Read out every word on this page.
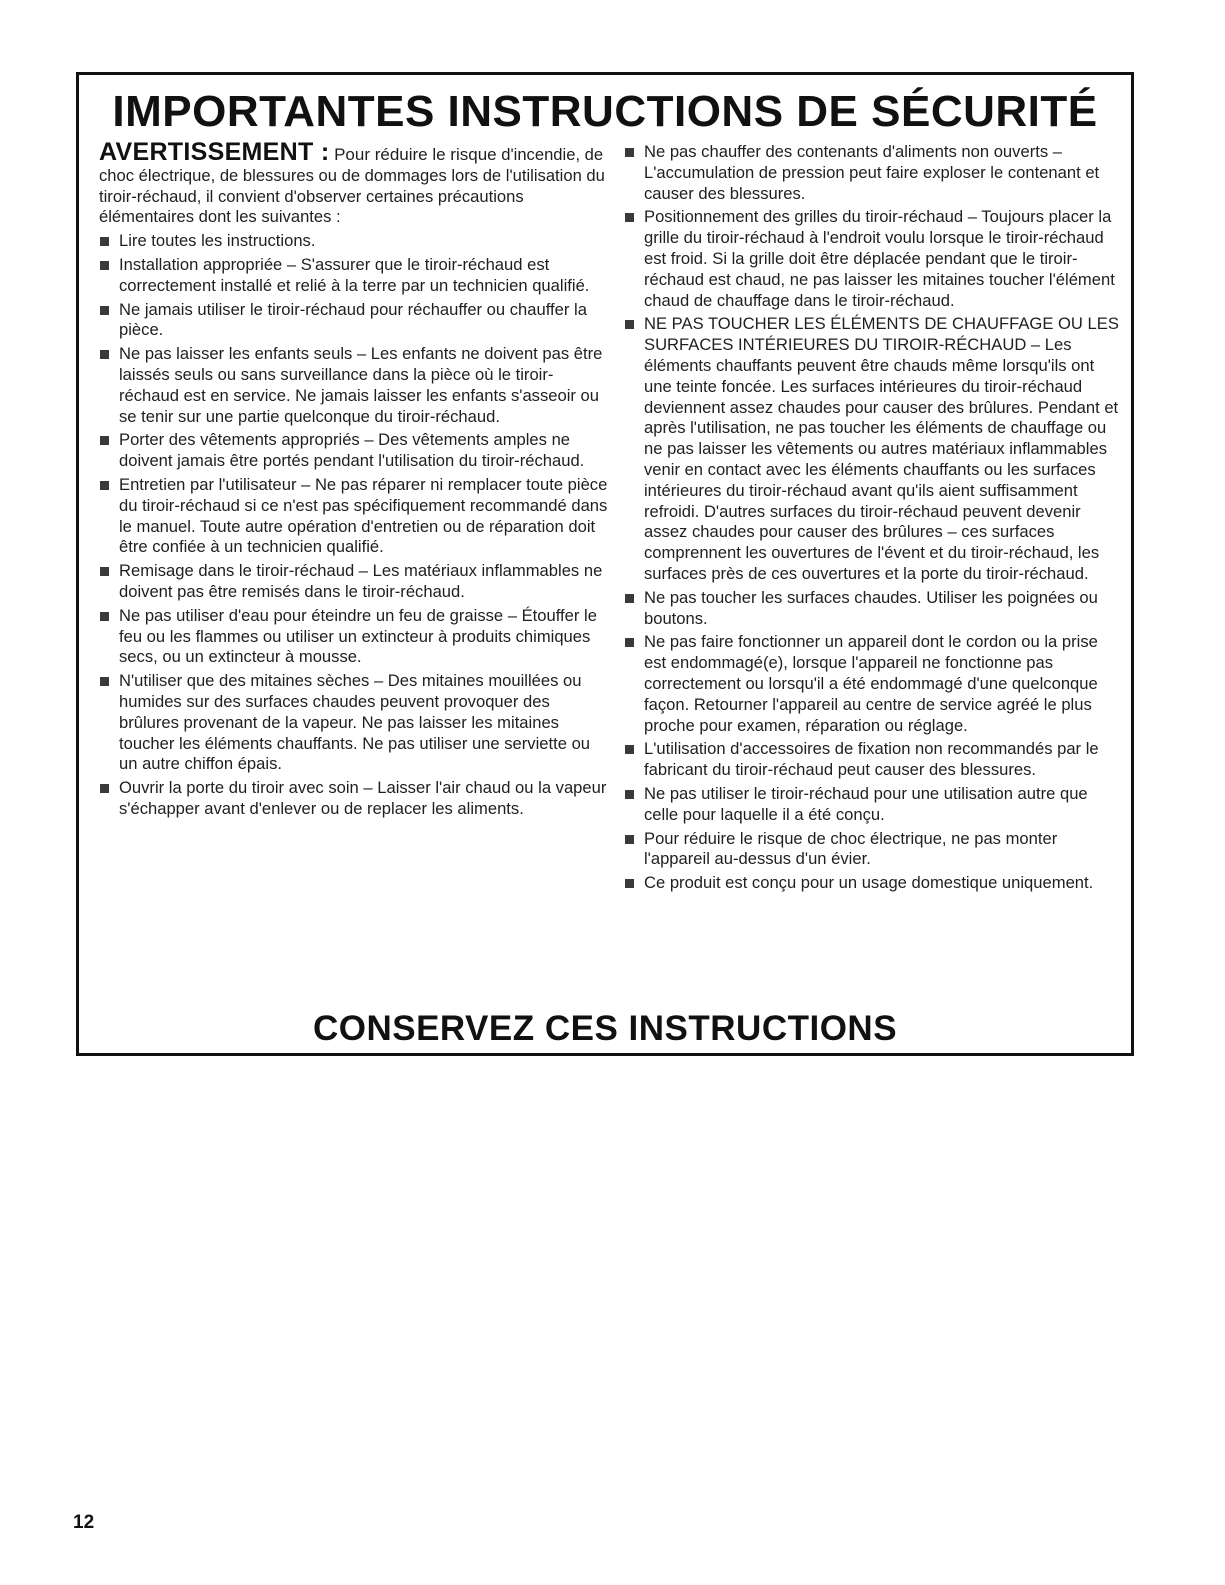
IMPORTANTES INSTRUCTIONS DE SÉCURITÉ

AVERTISSEMENT : Pour réduire le risque d'incendie, de choc électrique, de blessures ou de dommages lors de l'utilisation du tiroir-réchaud, il convient d'observer certaines précautions élémentaires dont les suivantes :

Lire toutes les instructions.
Installation appropriée – S'assurer que le tiroir-réchaud est correctement installé et relié à la terre par un technicien qualifié.
Ne jamais utiliser le tiroir-réchaud pour réchauffer ou chauffer la pièce.
Ne pas laisser les enfants seuls – Les enfants ne doivent pas être laissés seuls ou sans surveillance dans la pièce où le tiroir-réchaud est en service. Ne jamais laisser les enfants s'asseoir ou se tenir sur une partie quelconque du tiroir-réchaud.
Porter des vêtements appropriés – Des vêtements amples ne doivent jamais être portés pendant l'utilisation du tiroir-réchaud.
Entretien par l'utilisateur – Ne pas réparer ni remplacer toute pièce du tiroir-réchaud si ce n'est pas spécifiquement recommandé dans le manuel. Toute autre opération d'entretien ou de réparation doit être confiée à un technicien qualifié.
Remisage dans le tiroir-réchaud – Les matériaux inflammables ne doivent pas être remisés dans le tiroir-réchaud.
Ne pas utiliser d'eau pour éteindre un feu de graisse – Étouffer le feu ou les flammes ou utiliser un extincteur à produits chimiques secs, ou un extincteur à mousse.
N'utiliser que des mitaines sèches – Des mitaines mouillées ou humides sur des surfaces chaudes peuvent provoquer des brûlures provenant de la vapeur. Ne pas laisser les mitaines toucher les éléments chauffants. Ne pas utiliser une serviette ou un autre chiffon épais.
Ouvrir la porte du tiroir avec soin – Laisser l'air chaud ou la vapeur s'échapper avant d'enlever ou de replacer les aliments.
Ne pas chauffer des contenants d'aliments non ouverts – L'accumulation de pression peut faire exploser le contenant et causer des blessures.
Positionnement des grilles du tiroir-réchaud – Toujours placer la grille du tiroir-réchaud à l'endroit voulu lorsque le tiroir-réchaud est froid. Si la grille doit être déplacée pendant que le tiroir-réchaud est chaud, ne pas laisser les mitaines toucher l'élément chaud de chauffage dans le tiroir-réchaud.
NE PAS TOUCHER LES ÉLÉMENTS DE CHAUFFAGE OU LES SURFACES INTÉRIEURES DU TIROIR-RÉCHAUD – Les éléments chauffants peuvent être chauds même lorsqu'ils ont une teinte foncée. Les surfaces intérieures du tiroir-réchaud deviennent assez chaudes pour causer des brûlures. Pendant et après l'utilisation, ne pas toucher les éléments de chauffage ou ne pas laisser les vêtements ou autres matériaux inflammables venir en contact avec les éléments chauffants ou les surfaces intérieures du tiroir-réchaud avant qu'ils aient suffisamment refroidi. D'autres surfaces du tiroir-réchaud peuvent devenir assez chaudes pour causer des brûlures – ces surfaces comprennent les ouvertures de l'évent et du tiroir-réchaud, les surfaces près de ces ouvertures et la porte du tiroir-réchaud.
Ne pas toucher les surfaces chaudes. Utiliser les poignées ou boutons.
Ne pas faire fonctionner un appareil dont le cordon ou la prise est endommagé(e), lorsque l'appareil ne fonctionne pas correctement ou lorsqu'il a été endommagé d'une quelconque façon. Retourner l'appareil au centre de service agréé le plus proche pour examen, réparation ou réglage.
L'utilisation d'accessoires de fixation non recommandés par le fabricant du tiroir-réchaud peut causer des blessures.
Ne pas utiliser le tiroir-réchaud pour une utilisation autre que celle pour laquelle il a été conçu.
Pour réduire le risque de choc électrique, ne pas monter l'appareil au-dessus d'un évier.
Ce produit est conçu pour un usage domestique uniquement.
CONSERVEZ CES INSTRUCTIONS
12
